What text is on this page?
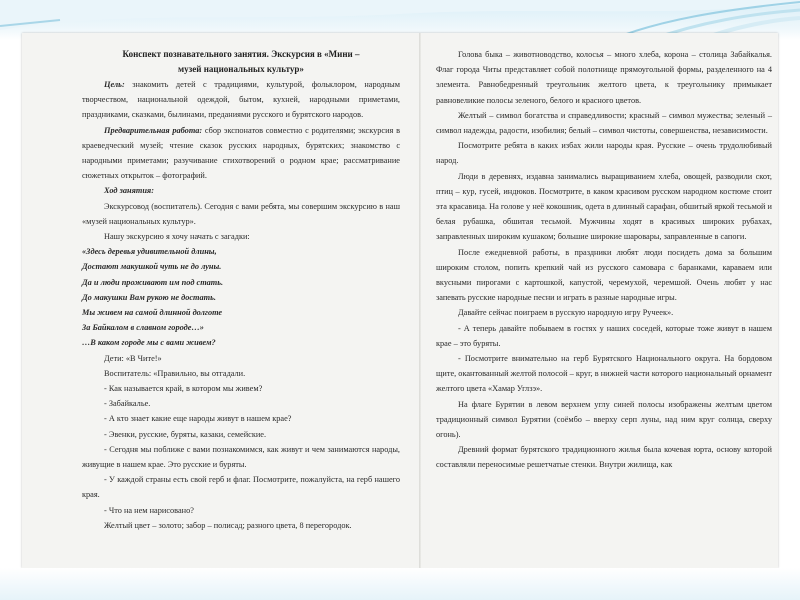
Конспект познавательного занятия. Экскурсия в «Мини –

музей национальных культур»

Цель: знакомить детей с традициями, культурой, фольклором, народным творчеством, национальной одеждой, бытом, кухней, народными приметами, праздниками, сказками, былинами, преданиями русского и бурятского народов.

Предварительная работа: сбор экспонатов совместно с родителями; экскурсия в краеведческий музей; чтение сказок русских народных, бурятских; знакомство с народными приметами; разучивание стихотворений о родном крае; рассматривание сюжетных открыток – фотографий.

Ход занятия:

Экскурсовод (воспитатель). Сегодня с вами ребята, мы совершим экскурсию в наш «музей национальных культур».

Нашу экскурсию я хочу начать с загадки:

«Здесь деревья удивительной длины,

Достают макушкой чуть не до луны.

Да и люди проживают им под стать.

До макушки Вам рукою не достать.

Мы живем на самой длинной долготе

За Байкалом в славном городе…»

…В каком городе мы с вами живем?

Дети: «В Чите!»

Воспитатель: «Правильно, вы отгадали.

- Как называется край, в котором мы живем?

- Забайкалье.

- А кто знает какие еще народы живут в нашем крае?

- Эвенки, русские, буряты, казаки, семейские.

- Сегодня мы поближе с вами познакомимся, как живут и чем занимаются народы, живущие в нашем крае. Это русские и буряты.

- У каждой страны есть свой герб и флаг. Посмотрите, пожалуйста, на герб нашего края.

- Что на нем нарисовано?

Желтый цвет – золото; забор – полисад; разного цвета, 8 перегородок.

Голова быка – животноводство, колосья – много хлеба, корона – столица Забайкалья. Флаг города Читы представляет собой полотнище прямоугольной формы, разделенного на 4 элемента. Равнобедренный треугольник желтого цвета, к треугольнику примыкает равновеликие полосы зеленого, белого и красного цветов.

Желтый – символ богатства и справедливости; красный – символ мужества; зеленый – символ надежды, радости, изобилия; белый – символ чистоты, совершенства, независимости.

Посмотрите ребята в каких избах жили народы края. Русские – очень трудолюбивый народ.

Люди в деревнях, издавна занимались выращиванием хлеба, овощей, разводили скот, птиц – кур, гусей, индюков. Посмотрите, в каком красивом русском народном костюме стоит эта красавица. На голове у неё кокошник, одета в длинный сарафан, обшитый яркой тесьмой и белая рубашка, обшитая тесьмой. Мужчины ходят в красивых широких рубахах, заправленных широким кушаком; большие широкие шаровары, заправленные в сапоги.

После ежедневной работы, в праздники любят люди посидеть дома за большим широким столом, попить крепкий чай из русского самовара с баранками, караваем или вкусными пирогами с картошкой, капустой, черемухой, черемшой. Очень любят у нас запевать русские народные песни и играть в разные народные игры.

Давайте сейчас поиграем в русскую народную игру Ручеек».

- А теперь давайте побываем в гостях у наших соседей, которые тоже живут в нашем крае – это буряты.

- Посмотрите внимательно на герб Бурятского Национального округа. На бордовом щите, окантованный желтой полосой – круг, в нижней части которого национальный орнамент желтого цвета «Хамар Углзэ».

На флаге Бурятии в левом верхнем углу синей полосы изображены желтым цветом традиционный символ Бурятии (соёмбо – вверху серп луны, над ним круг солнца, сверху огонь).

Древний формат бурятского традиционного жилья была кочевая юрта, основу которой составляли переносимые решетчатые стенки. Внутри жилища, как
